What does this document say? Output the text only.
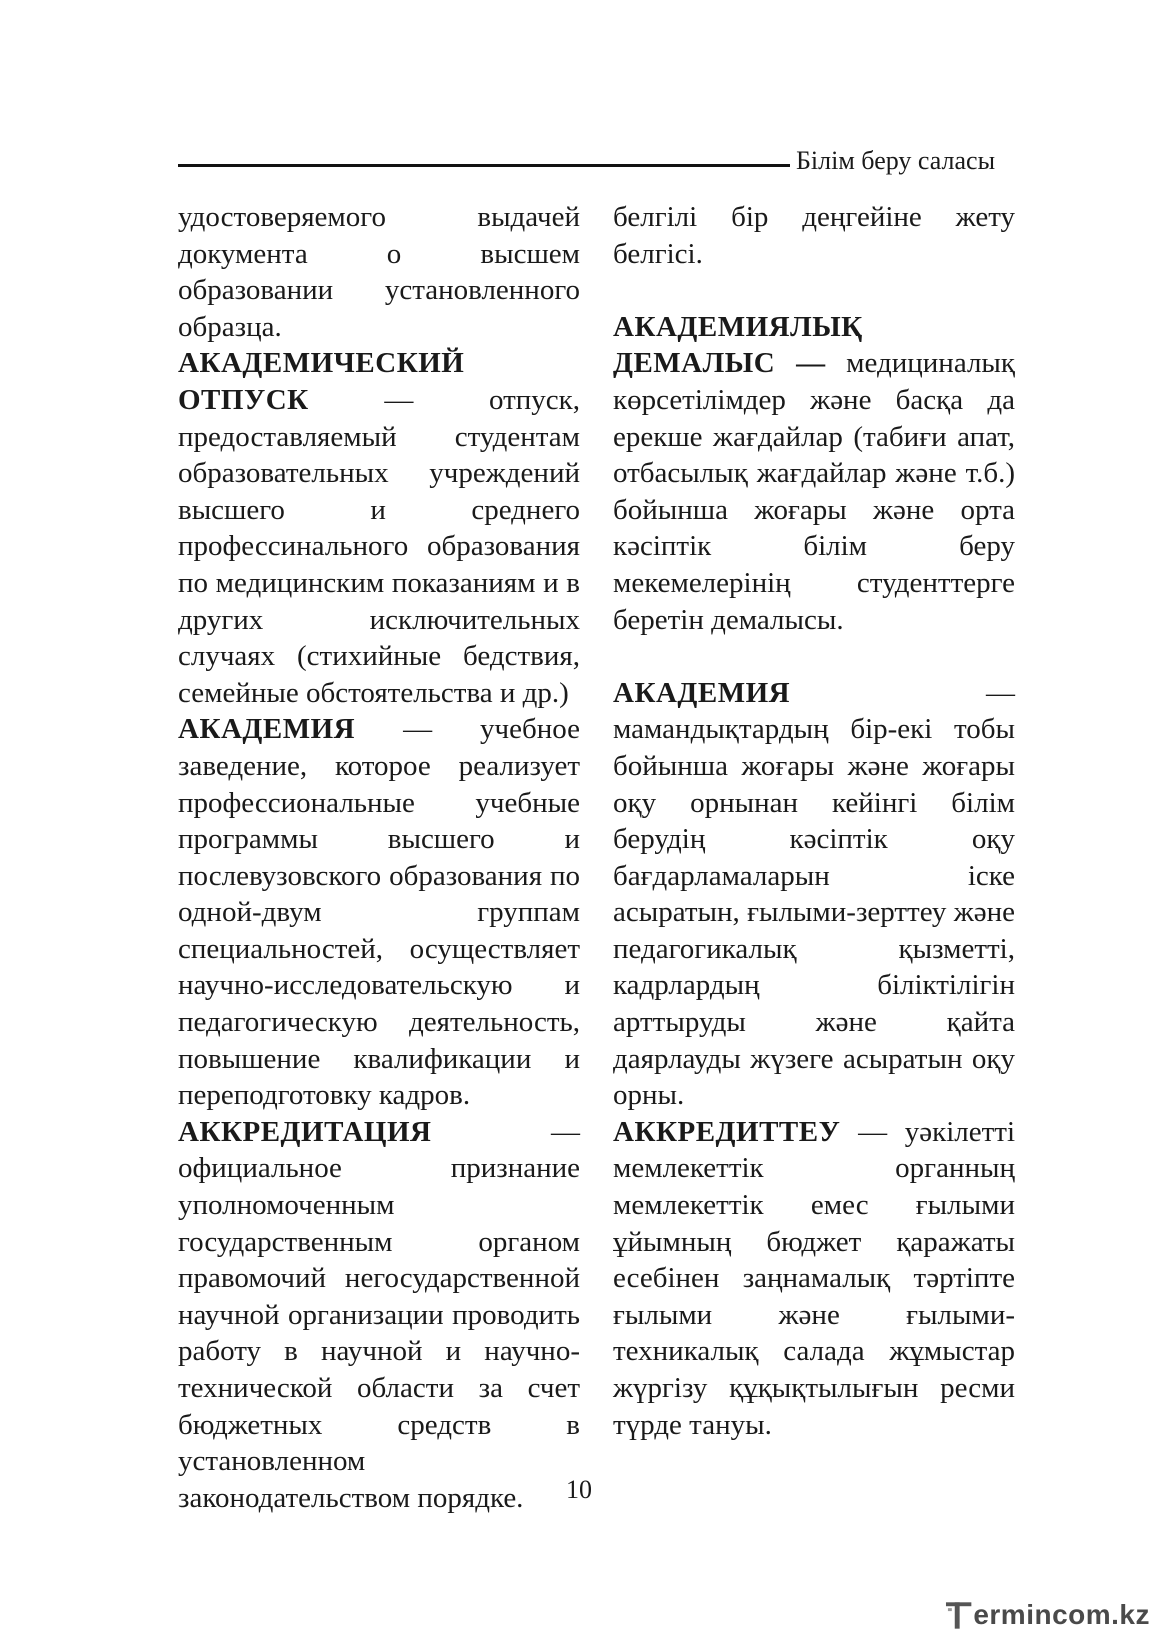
Білім беру саласы

удостоверяемого выдачей документа о высшем образовании установленного образца.

АКАДЕМИЧЕСКИЙ ОТПУСК — отпуск, предоставляемый студентам образовательных учреждений высшего и среднего профессинального образования по медицинским показаниям и в других исключительных случаях (стихийные бедствия, семейные обстоятельства и др.)

АКАДЕМИЯ — учебное заведение, которое реализует профессиональные учебные программы высшего и послевузовского образования по одной-двум группам специальностей, осуществляет научно-исследовательскую и педагогическую деятельность, повышение квалификации и переподготовку кадров.

АККРЕДИТАЦИЯ — официальное признание уполномоченным государственным органом правомочий негосударственной научной организации проводить работу в научной и научно-технической области за счет бюджетных средств в установленном законодательством порядке.

белгілі бір деңгейіне жету белгісі.

АКАДЕМИЯЛЫҚ ДЕМАЛЫС — медициналық көрсетілімдер және басқа да ерекше жағдайлар (табиғи апат, отбасылық жағдайлар және т.б.) бойынша жоғары және орта кәсіптік білім беру мекемелерінің студенттерге беретін демалысы.

АКАДЕМИЯ — мамандықтардың бір-екі тобы бойынша жоғары және жоғары оқу орнынан кейінгі білім берудің кәсіптік оқу бағдарламаларын іске асыратын, ғылыми-зерттеу және педагогикалық қызметті, кадрлардың біліктілігін арттыруды және қайта даярлауды жүзеге асыратын оқу орны.

АККРЕДИТТЕУ — уәкілетті мемлекеттік органның мемлекеттік емес ғылыми ұйымның бюджет қаражаты есебінен заңнамалық тәртіпте ғылыми және ғылыми-техникалық салада жұмыстар жүргізу құқықтылығын ресми түрде тануы.

10
ermincom.kz
